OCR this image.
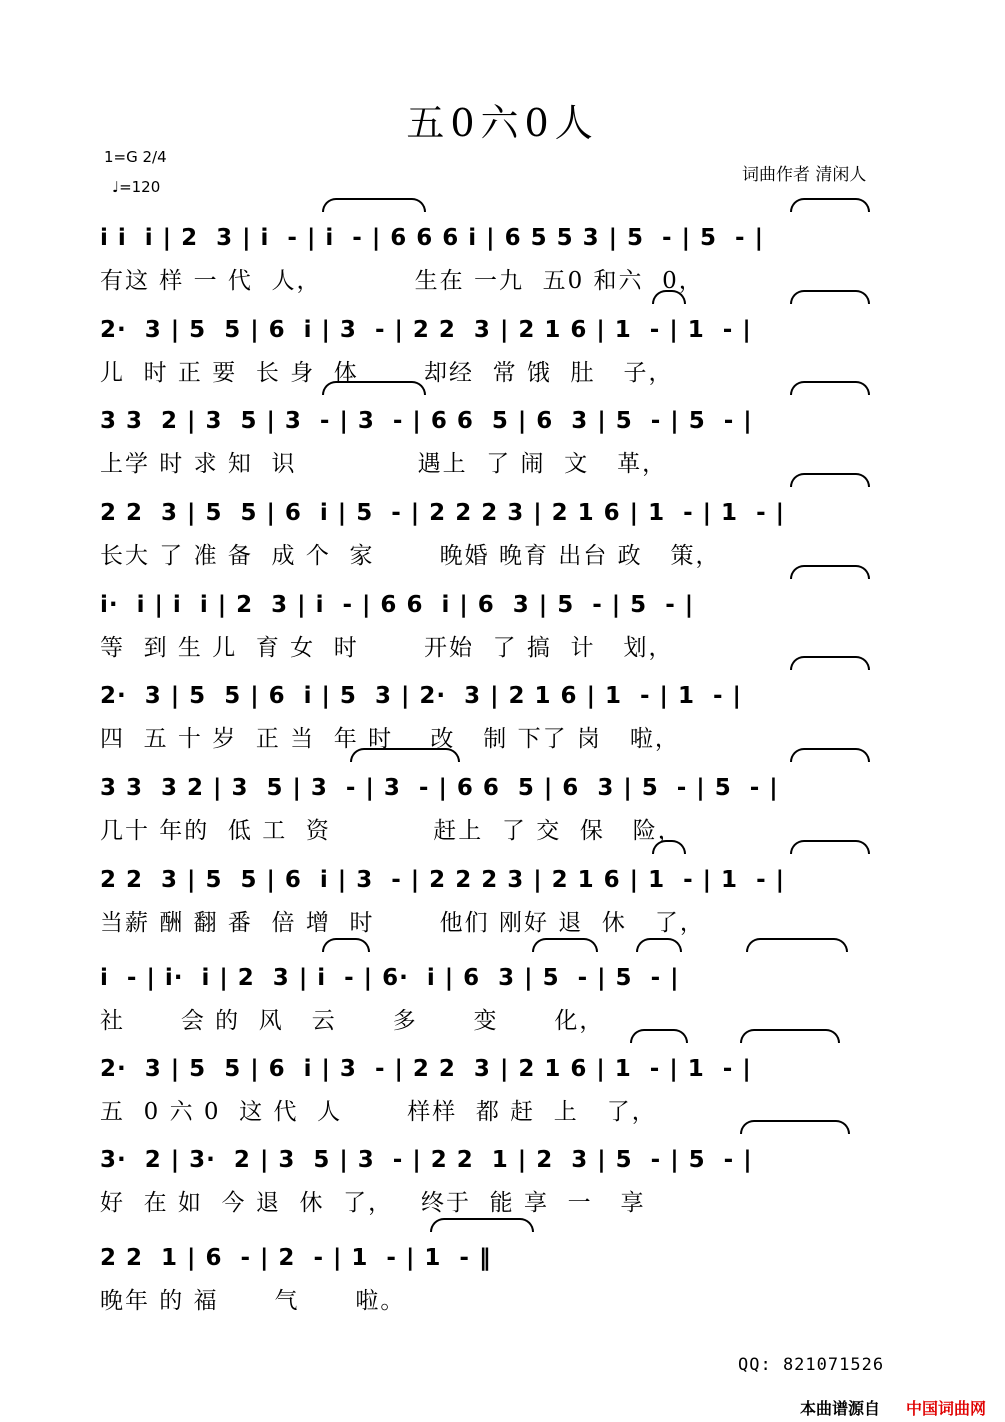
五0六0人
1=G 2/4
♩=120
词曲作者 清闲人
i i  i | 2  3 | i  - | i  - | 6 6 6 i | 6 5 5 3 | 5  - | 5  - |
有这 样 一 代  人，          生在 一九  五0 和六  0，
2·  3 | 5  5 | 6  i | 3  - | 2 2  3 | 2 1 6 | 1  - | 1  - |
儿  时 正 要  长 身  体       却经  常 饿  肚   子，
3 3  2 | 3  5 | 3  - | 3  - | 6 6  5 | 6  3 | 5  - | 5  - |
上学 时 求 知  识             遇上  了 闹  文   革，
2 2  3 | 5  5 | 6  i | 5  - | 2 2 2 3 | 2 1 6 | 1  - | 1  - |
长大 了 准 备  成 个  家       晚婚 晚育 出台 政   策，
i·  i | i  i | 2  3 | i  - | 6 6  i | 6  3 | 5  - | 5  - |
等  到 生 儿  育 女  时       开始  了 搞  计   划，
2·  3 | 5  5 | 6  i | 5  3 | 2·  3 | 2 1 6 | 1  - | 1  - |
四  五 十 岁  正 当  年 时    改   制 下了 岗   啦，
3 3  3 2 | 3  5 | 3  - | 3  - | 6 6  5 | 6  3 | 5  - | 5  - |
几十 年的  低 工  资           赶上  了 交  保   险，
2 2  3 | 5  5 | 6  i | 3  - | 2 2 2 3 | 2 1 6 | 1  - | 1  - |
当薪 酬 翻 番  倍 增  时       他们 刚好 退  休   了，
i  - | i·  i | 2  3 | i  - | 6·  i | 6  3 | 5  - | 5  - |
社      会 的  风   云      多      变      化，
2·  3 | 5  5 | 6  i | 3  - | 2 2  3 | 2 1 6 | 1  - | 1  - |
五  0 六 0  这 代  人       样样  都 赶  上   了，
3·  2 | 3·  2 | 3  5 | 3  - | 2 2  1 | 2  3 | 5  - | 5  - |
好  在 如  今 退  休  了，   终于  能 享  一   享
2 2  1 | 6  - | 2  - | 1  - | 1  - ‖
晚年 的 福      气      啦。
QQ: 821071526
本曲谱源自 中国词曲网
